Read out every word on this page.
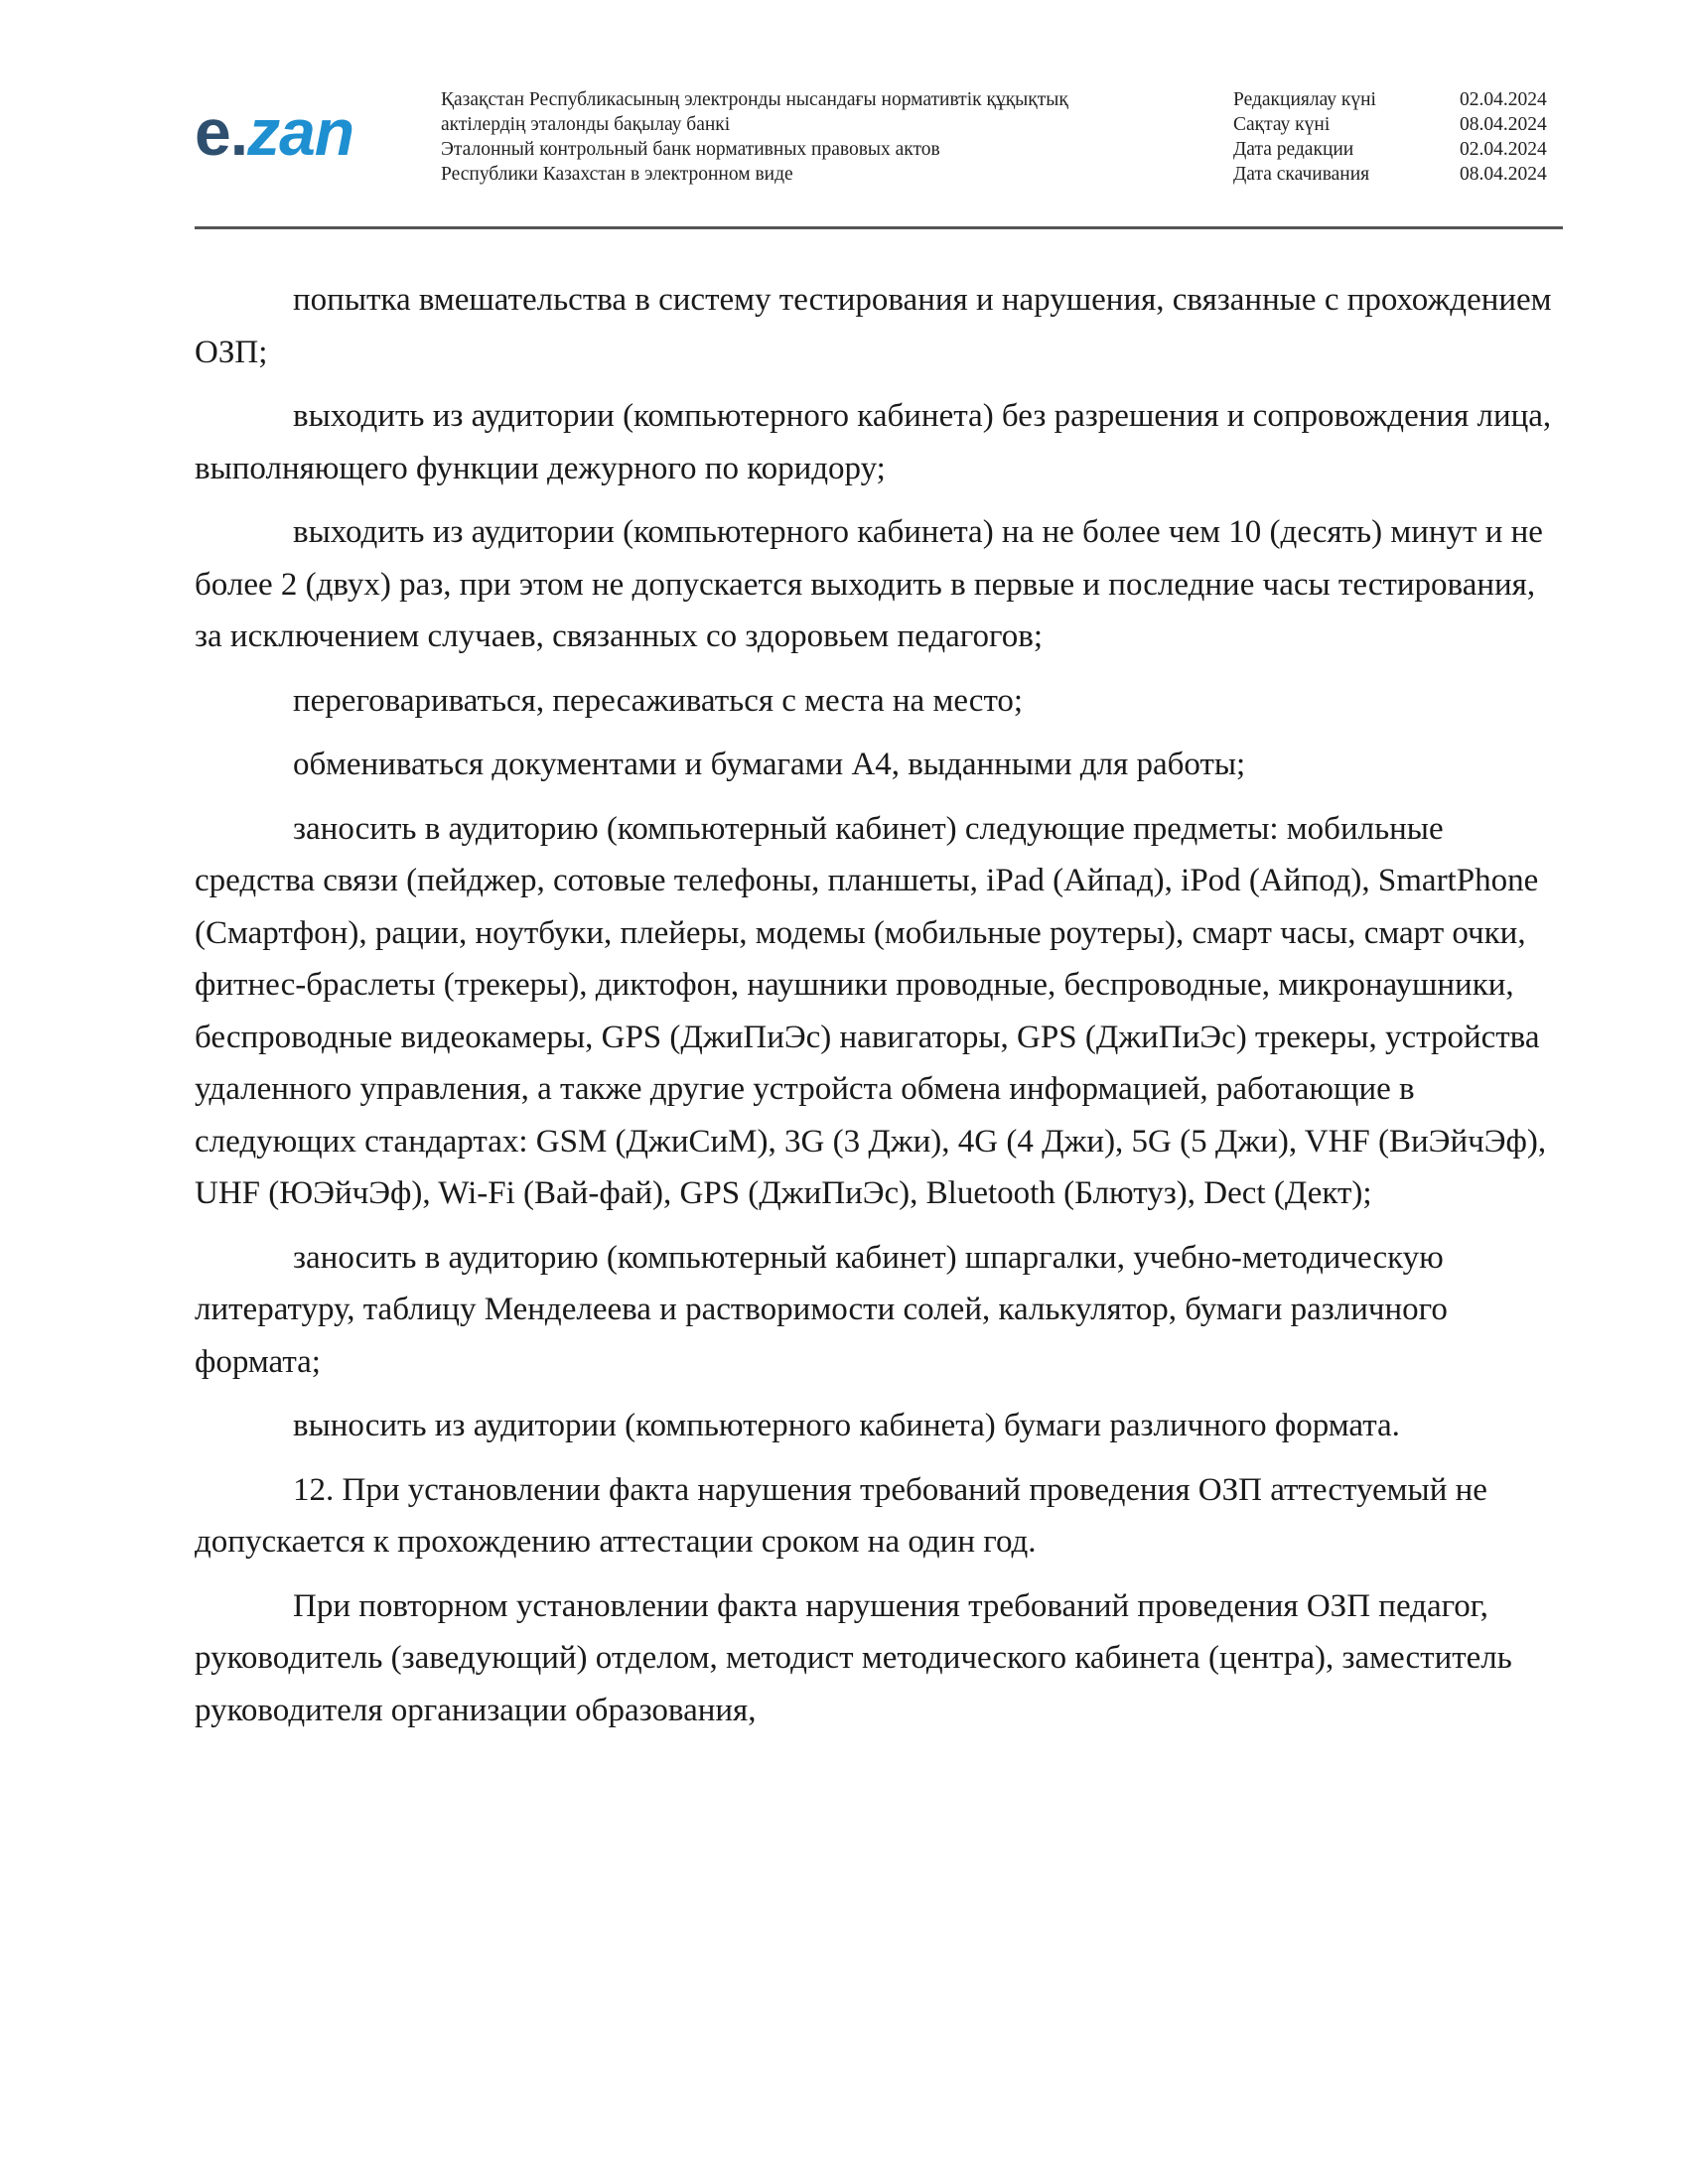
e.zan	Қазақстан Республикасының электронды нысандағы нормативтік құқықтық
актілердің эталонды бақылау банкі
Эталонный контрольный банк нормативных правовых актов
Республики Казахстан в электронном виде
Редакциялау күні	02.04.2024
Сақтау күні	08.04.2024
Дата редакции	02.04.2024
Дата скачивания	08.04.2024

попытка вмешательства в систему тестирования и нарушения, связанные с прохождением ОЗП;

выходить из аудитории (компьютерного кабинета) без разрешения и сопровождения лица, выполняющего функции дежурного по коридору;

выходить из аудитории (компьютерного кабинета) на не более чем 10 (десять) минут и не более 2 (двух) раз, при этом не допускается выходить в первые и последние часы тестирования, за исключением случаев, связанных со здоровьем педагогов;

переговариваться, пересаживаться с места на место;

обмениваться документами и бумагами А4, выданными для работы;

заносить в аудиторию (компьютерный кабинет) следующие предметы: мобильные средства связи (пейджер, сотовые телефоны, планшеты, iPad (Айпад), iPod (Айпод), SmartPhone (Смартфон), рации, ноутбуки, плейеры, модемы (мобильные роутеры), смарт часы, смарт очки, фитнес-браслеты (трекеры), диктофон, наушники проводные, беспроводные, микронаушники, беспроводные видеокамеры, GPS (ДжиПиЭс) навигаторы, GPS (ДжиПиЭс) трекеры, устройства удаленного управления, а также другие устройста обмена информацией, работающие в следующих стандартах: GSM (ДжиСиМ), 3G (3 Джи), 4G (4 Джи), 5G (5 Джи), VHF (ВиЭйчЭф), UHF (ЮЭйчЭф), Wi-Fi (Вай-фай), GPS (ДжиПиЭс), Bluetooth (Блютуз), Dect (Дект);

заносить в аудиторию (компьютерный кабинет) шпаргалки, учебно-методическую литературу, таблицу Менделеева и растворимости солей, калькулятор, бумаги различного формата;

выносить из аудитории (компьютерного кабинета) бумаги различного формата.

12. При установлении факта нарушения требований проведения ОЗП аттестуемый не допускается к прохождению аттестации сроком на один год.

При повторном установлении факта нарушения требований проведения ОЗП педагог, руководитель (заведующий) отделом, методист методического кабинета (центра), заместитель руководителя организации образования,
